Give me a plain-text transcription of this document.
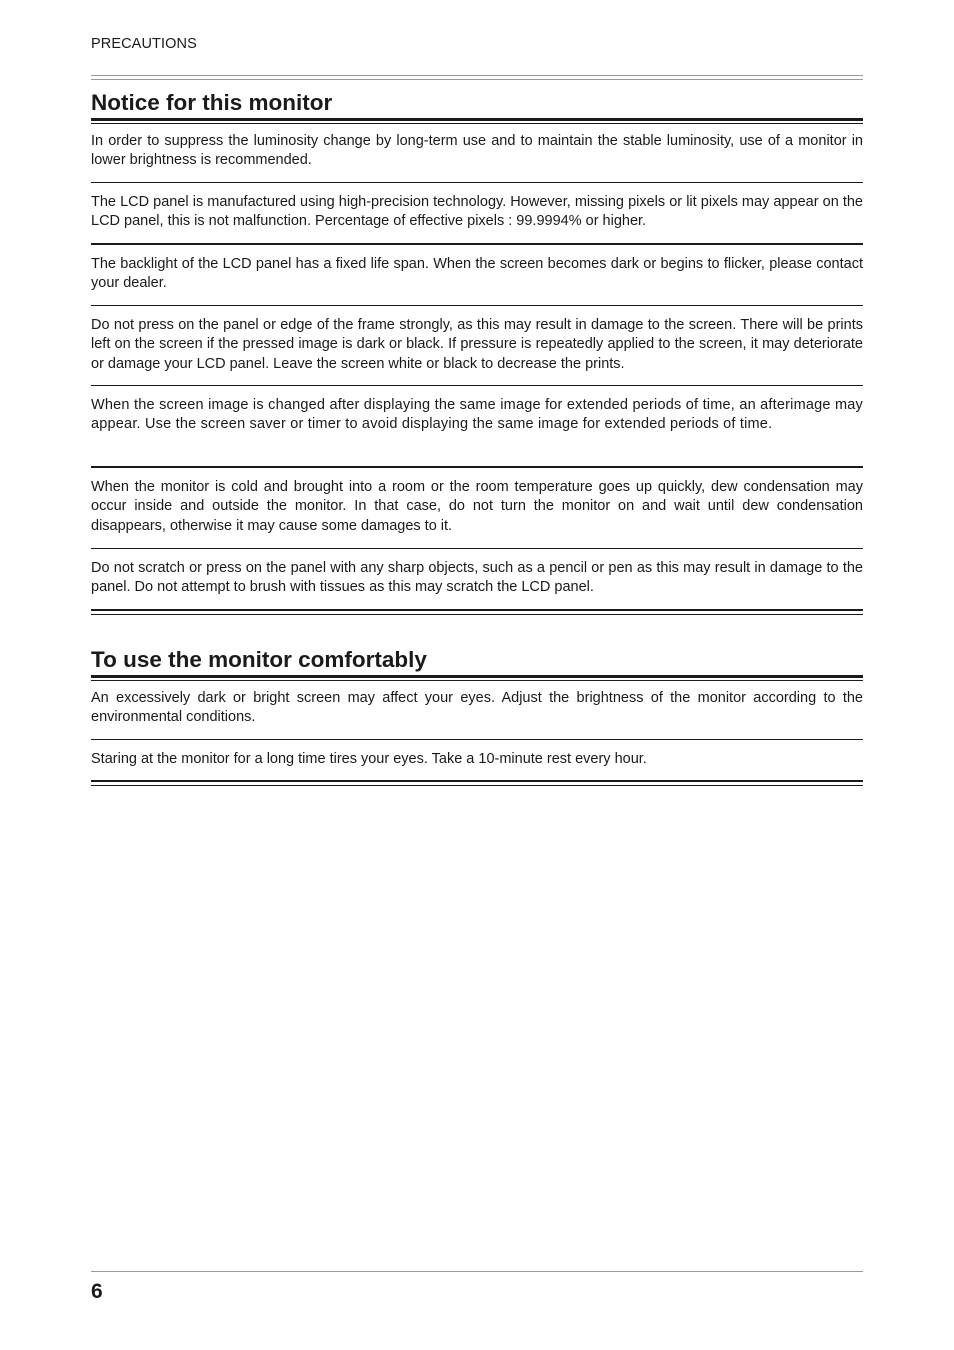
PRECAUTIONS
Notice for this monitor

In order to suppress the luminosity change by long-term use and to maintain the stable luminosity, use of a monitor in lower brightness is recommended.

The LCD panel is manufactured using high-precision technology. However, missing pixels or lit pixels may appear on the LCD panel, this is not malfunction. Percentage of effective pixels : 99.9994% or higher.

The backlight of the LCD panel has a fixed life span. When the screen becomes dark or begins to flicker, please contact your dealer.

Do not press on the panel or edge of the frame strongly, as this may result in damage to the screen. There will be prints left on the screen if the pressed image is dark or black. If pressure is repeatedly applied to the screen, it may deteriorate or damage your LCD panel. Leave the screen white or black to decrease the prints.

When the screen image is changed after displaying the same image for extended periods of time, an afterimage may appear. Use the screen saver or timer to avoid displaying the same image for extended periods of time.

When the monitor is cold and brought into a room or the room temperature goes up quickly, dew condensation may occur inside and outside the monitor. In that case, do not turn the monitor on and wait until dew condensation disappears, otherwise it may cause some damages to it.

Do not scratch or press on the panel with any sharp objects, such as a pencil or pen as this may result in damage to the panel. Do not attempt to brush with tissues as this may scratch the LCD panel.

To use the monitor comfortably

An excessively dark or bright screen may affect your eyes. Adjust the brightness of the monitor according to the environmental conditions.

Staring at the monitor for a long time tires your eyes. Take a 10-minute rest every hour.

6
